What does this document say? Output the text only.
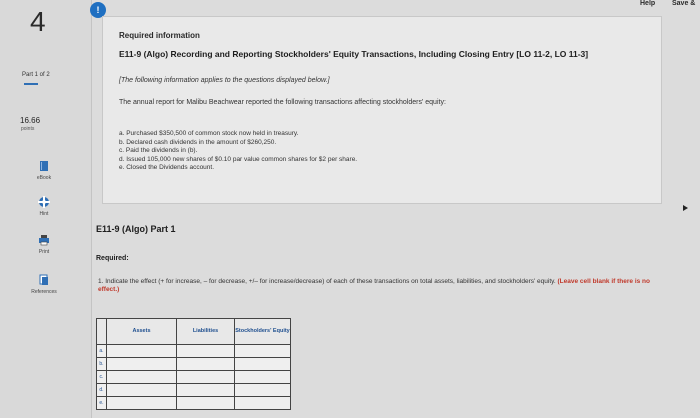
Help Save &
4
Part 1 of 2
16.66
points
eBook
Hint
Print
References
!
Required information
E11-9 (Algo) Recording and Reporting Stockholders' Equity Transactions, Including Closing Entry [LO 11-2, LO 11-3]
[The following information applies to the questions displayed below.]
The annual report for Malibu Beachwear reported the following transactions affecting stockholders' equity:
a. Purchased $350,500 of common stock now held in treasury.
b. Declared cash dividends in the amount of $260,250.
c. Paid the dividends in (b).
d. Issued 105,000 new shares of $0.10 par value common shares for $2 per share.
e. Closed the Dividends account.
E11-9 (Algo) Part 1
Required:
1. Indicate the effect (+ for increase, – for decrease, +/– for increase/decrease) of each of these transactions on total assets, liabilities, and stockholders' equity. (Leave cell blank if there is no effect.)
	Assets	Liabilities	Stockholders' Equity
a.			
b.			
c.			
d.			
e.			
